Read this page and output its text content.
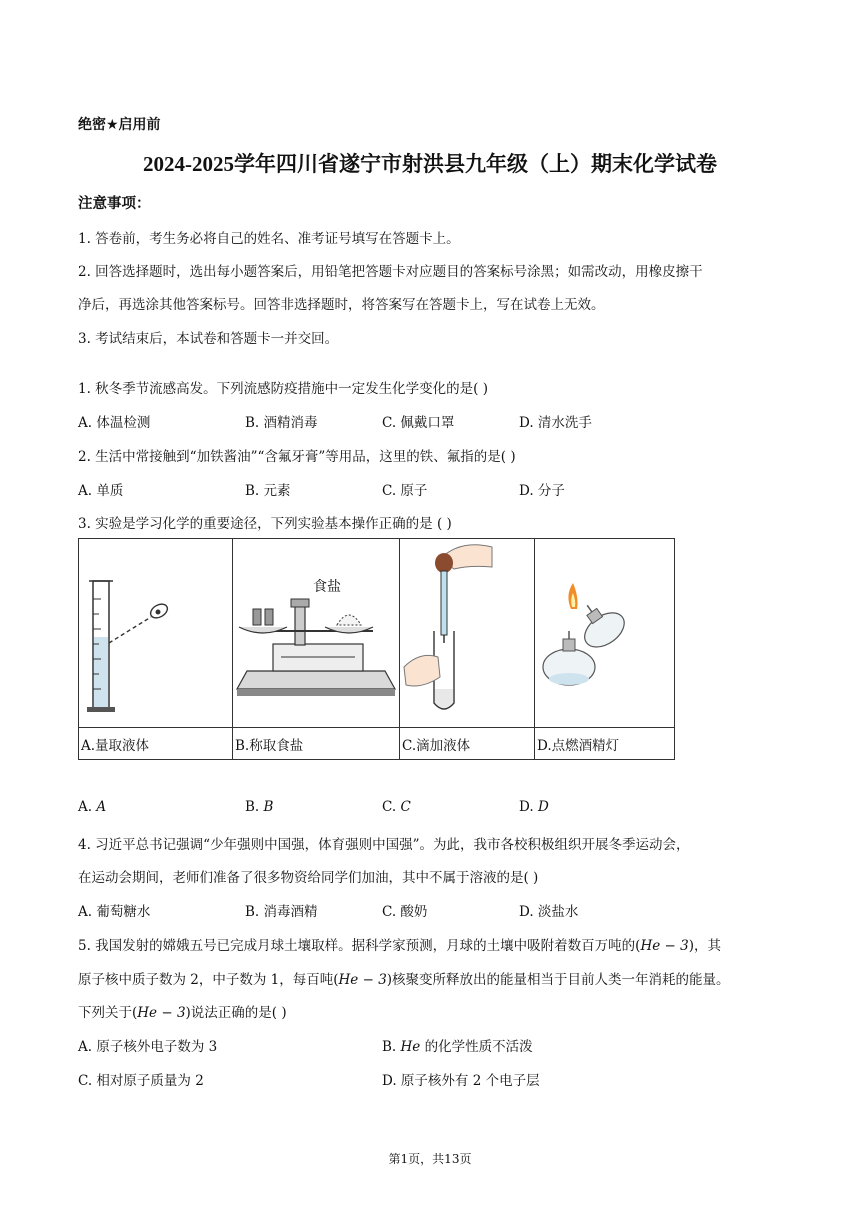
绝密★启用前
2024-2025学年四川省遂宁市射洪县九年级（上）期末化学试卷
注意事项：
1. 答卷前，考生务必将自己的姓名、准考证号填写在答题卡上。
2. 回答选择题时，选出每小题答案后，用铅笔把答题卡对应题目的答案标号涂黑；如需改动，用橡皮擦干
净后，再选涂其他答案标号。回答非选择题时，将答案写在答题卡上，写在试卷上无效。
3. 考试结束后，本试卷和答题卡一并交回。
1. 秋冬季节流感高发。下列流感防疫措施中一定发生化学变化的是( )
A. 体温检测	B. 酒精消毒	C. 佩戴口罩	D. 清水洗手
2. 生活中常接触到“加铁酱油”“含氟牙膏”等用品，这里的铁、氟指的是( )
A. 单质	B. 元素	C. 原子	D. 分子
3. 实验是学习化学的重要途径，下列实验基本操作正确的是 ( )

食盐

A.量取液体	B.称取食盐	C.滴加液体	D.点燃酒精灯
A. A	B. B	C. C	D. D
4. 习近平总书记强调“少年强则中国强，体育强则中国强”。为此，我市各校积极组织开展冬季运动会，
在运动会期间，老师们准备了很多物资给同学们加油，其中不属于溶液的是( )
A. 葡萄糖水	B. 消毒酒精	C. 酸奶	D. 淡盐水
5. 我国发射的嫦娥五号已完成月球土壤取样。据科学家预测，月球的土壤中吸附着数百万吨的(He − 3)，其
原子核中质子数为 2，中子数为 1，每百吨(He − 3)核聚变所释放出的能量相当于目前人类一年消耗的能量。
下列关于(He − 3)说法正确的是( )
A. 原子核外电子数为 3	B. He 的化学性质不活泼
C. 相对原子质量为 2	D. 原子核外有 2 个电子层
第1页，共13页
